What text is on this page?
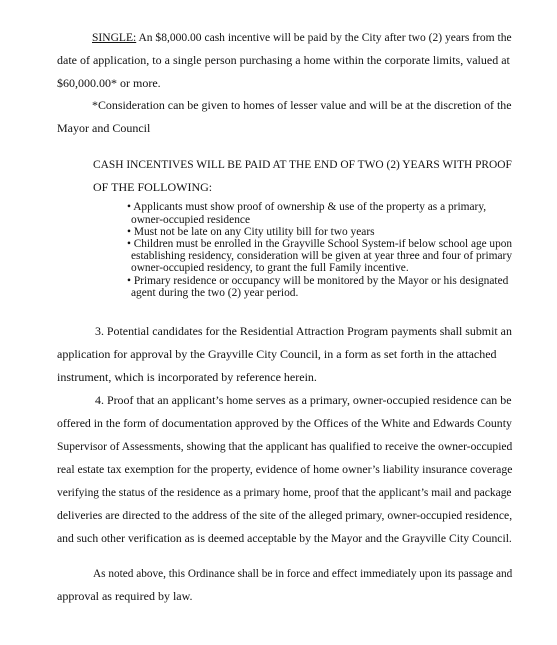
SINGLE: An $8,000.00 cash incentive will be paid by the City after two (2) years from the
date of application, to a single person purchasing a home within the corporate limits, valued at
$60,000.00* or more.
*Consideration can be given to homes of lesser value and will be at the discretion of the
Mayor and Council
CASH INCENTIVES WILL BE PAID AT THE END OF TWO (2) YEARS WITH PROOF
OF THE FOLLOWING:
• Applicants must show proof of ownership & use of the property as a primary,
owner-occupied residence
• Must not be late on any City utility bill for two years
• Children must be enrolled in the Grayville School System-if below school age upon
establishing residency, consideration will be given at year three and four of primary
owner-occupied residency, to grant the full Family incentive.
• Primary residence or occupancy will be monitored by the Mayor or his designated
agent during the two (2) year period.
3. Potential candidates for the Residential Attraction Program payments shall submit an
application for approval by the Grayville City Council, in a form as set forth in the attached
instrument, which is incorporated by reference herein.
4. Proof that an applicant’s home serves as a primary, owner-occupied residence can be
offered in the form of documentation approved by the Offices of the White and Edwards County
Supervisor of Assessments, showing that the applicant has qualified to receive the owner-occupied
real estate tax exemption for the property, evidence of home owner’s liability insurance coverage
verifying the status of the residence as a primary home, proof that the applicant’s mail and package
deliveries are directed to the address of the site of the alleged primary, owner-occupied residence,
and such other verification as is deemed acceptable by the Mayor and the Grayville City Council.
As noted above, this Ordinance shall be in force and effect immediately upon its passage and
approval as required by law.
